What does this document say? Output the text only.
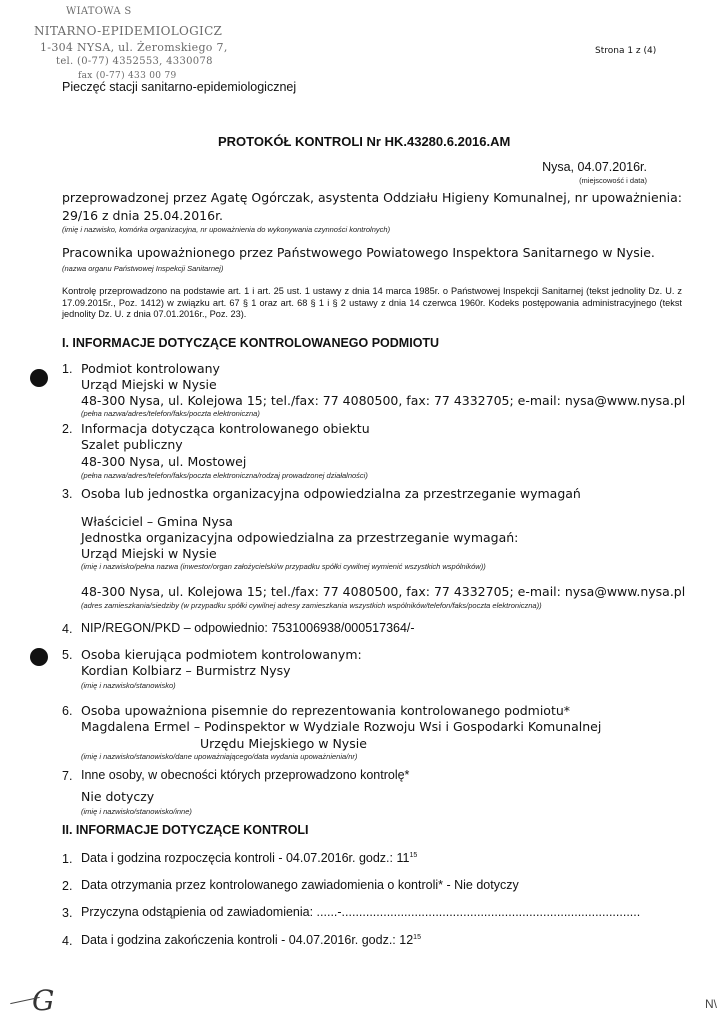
WIATOWA S
NITARNO-EPIDEMIOLOGICZ
1-304 NYSA, ul. Żeromskiego 7,
tel. (0-77) 4352553, 4330078
fax (0-77) 433 00 79
Pieczęć stacji sanitarno-epidemiologicznej
Strona 1 z (4)
PROTOKÓŁ KONTROLI Nr HK.43280.6.2016.AM
Nysa, 04.07.2016r.
(miejscowość i data)
przeprowadzonej przez Agatę Ogórczak, asystenta Oddziału Higieny Komunalnej, nr upoważnienia: 29/16 z dnia 25.04.2016r.
(imię i nazwisko, komórka organizacyjna, nr upoważnienia do wykonywania czynności kontrolnych)
Pracownika upoważnionego przez Państwowego Powiatowego Inspektora Sanitarnego w Nysie.
(nazwa organu Państwowej Inspekcji Sanitarnej)
Kontrolę przeprowadzono na podstawie art. 1 i art. 25 ust. 1 ustawy z dnia 14 marca 1985r. o Państwowej Inspekcji Sanitarnej (tekst jednolity Dz. U. z 17.09.2015r., Poz. 1412) w związku art. 67 § 1 oraz art. 68 § 1 i § 2 ustawy z dnia 14 czerwca 1960r. Kodeks postępowania administracyjnego (tekst jednolity Dz. U. z dnia 07.01.2016r., Poz. 23).
I. INFORMACJE DOTYCZĄCE KONTROLOWANEGO PODMIOTU
1. Podmiot kontrolowany
Urząd Miejski w Nysie
48-300 Nysa, ul. Kolejowa 15; tel./fax: 77 4080500, fax: 77 4332705; e-mail: nysa@www.nysa.pl
(pełna nazwa/adres/telefon/faks/poczta elektroniczna)
2. Informacja dotycząca kontrolowanego obiektu
Szalet publiczny
48-300 Nysa, ul. Mostowej
(pełna nazwa/adres/telefon/faks/poczta elektroniczna/rodzaj prowadzonej działalności)
3. Osoba lub jednostka organizacyjna odpowiedzialna za przestrzeganie wymagań
Właściciel – Gmina Nysa
Jednostka organizacyjna odpowiedzialna za przestrzeganie wymagań:
Urząd Miejski w Nysie
(imię i nazwisko/pełna nazwa (inwestor/organ założycielski/w przypadku spółki cywilnej wymienić wszystkich wspólników))
48-300 Nysa, ul. Kolejowa 15; tel./fax: 77 4080500, fax: 77 4332705; e-mail: nysa@www.nysa.pl
(adres zamieszkania/siedziby (w przypadku spółki cywilnej adresy zamieszkania wszystkich wspólników/telefon/faks/poczta elektroniczna))
4. NIP/REGON/PKD – odpowiednio: 7531006938/000517364/-
5. Osoba kierująca podmiotem kontrolowanym:
Kordian Kolbiarz – Burmistrz Nysy
(imię i nazwisko/stanowisko)
6. Osoba upoważniona pisemnie do reprezentowania kontrolowanego podmiotu*
Magdalena Ermel – Podinspektor w Wydziale Rozwoju Wsi i Gospodarki Komunalnej
Urzędu Miejskiego w Nysie
(imię i nazwisko/stanowisko/dane upoważniającego/data wydania upoważnienia/nr)
7. Inne osoby, w obecności których przeprowadzono kontrolę*
Nie dotyczy
(imię i nazwisko/stanowisko/inne)
II. INFORMACJE DOTYCZĄCE KONTROLI
1. Data i godzina rozpoczęcia kontroli - 04.07.2016r. godz.: $11^{15}$
2. Data otrzymania przez kontrolowanego zawiadomienia o kontroli* - Nie dotyczy
3. Przyczyna odstąpienia od zawiadomienia: ......-......................................................................................
4. Data i godzina zakończenia kontroli - 04.07.2016r. godz.: $12^{15}$
G	N\
